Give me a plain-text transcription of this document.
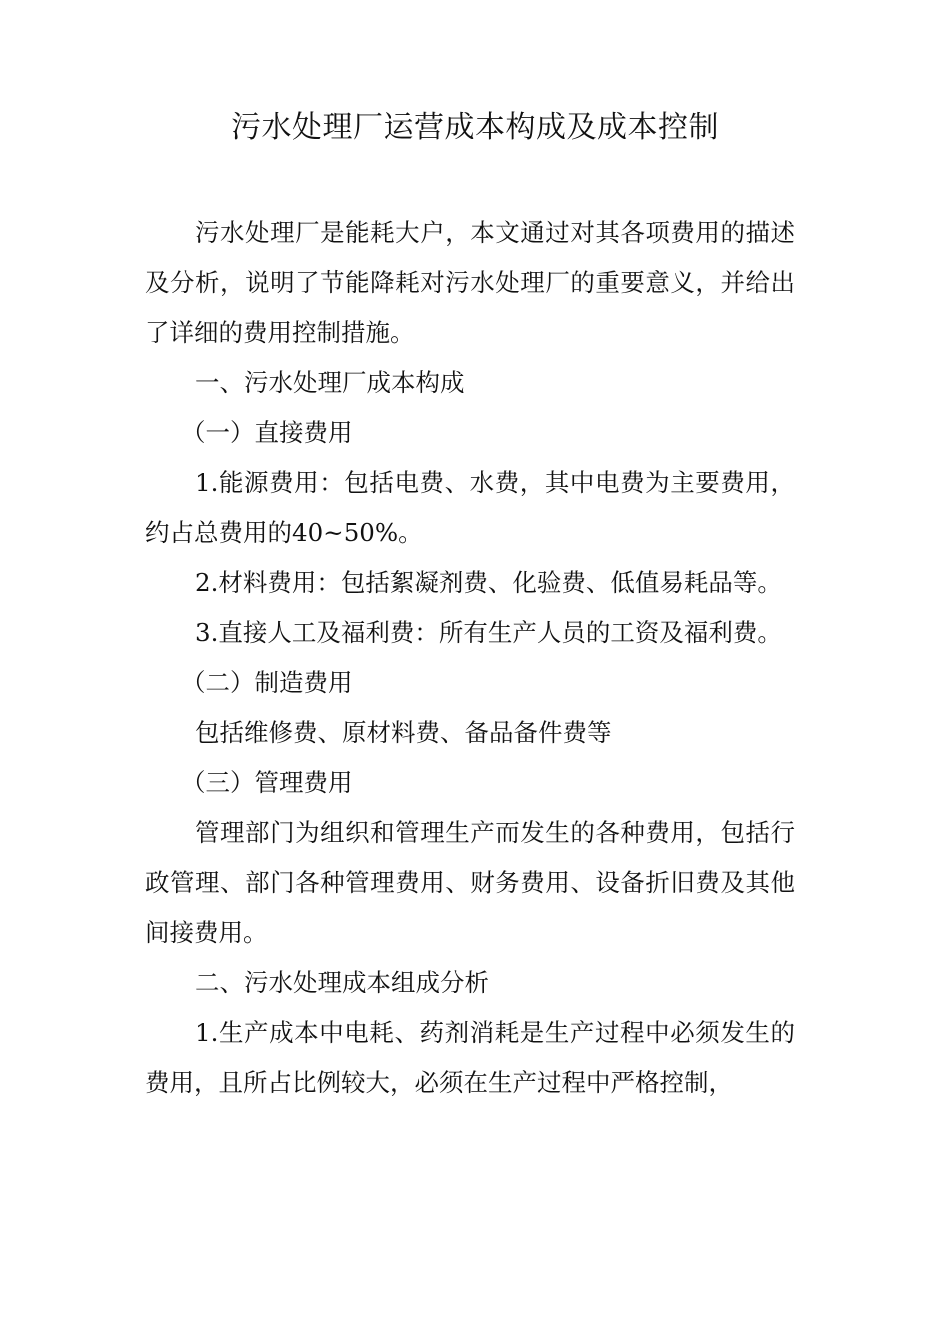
污水处理厂运营成本构成及成本控制

污水处理厂是能耗大户，本文通过对其各项费用的描述及分析，说明了节能降耗对污水处理厂的重要意义，并给出了详细的费用控制措施。

一、污水处理厂成本构成

（一）直接费用

1.能源费用：包括电费、水费，其中电费为主要费用，约占总费用的40~50%。

2.材料费用：包括絮凝剂费、化验费、低值易耗品等。

3.直接人工及福利费：所有生产人员的工资及福利费。

（二）制造费用

包括维修费、原材料费、备品备件费等

（三）管理费用

管理部门为组织和管理生产而发生的各种费用，包括行政管理、部门各种管理费用、财务费用、设备折旧费及其他间接费用。

二、污水处理成本组成分析

1.生产成本中电耗、药剂消耗是生产过程中必须发生的费用，且所占比例较大，必须在生产过程中严格控制，
